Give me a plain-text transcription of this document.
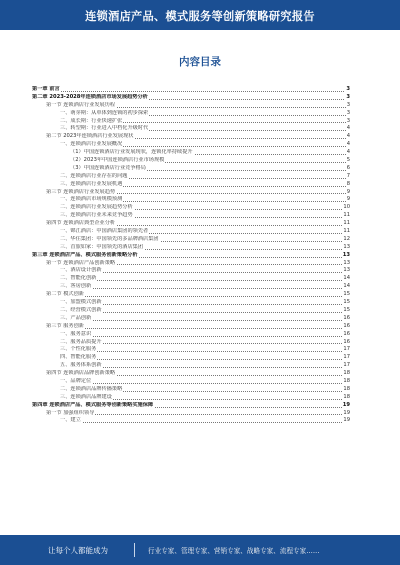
连锁酒店产品、模式服务等创新策略研究报告
内容目录
第一章 前言	3
第二章 2023-2028年连锁酒店市场发展趋势分析	3
第一节 连锁酒店行业发展历程	3
一、萌芽期：从单体到连锁的初步探索	3
二、成长期：行业快速扩张	3
三、转型期：行业进入中档化升级时代	4
第二节 2023年连锁酒店行业发展现状	4
一、连锁酒店行业发展概况	4
（1）中国连锁酒店行业发展现状，连锁化率持续提升	4
（2）2023年中国连锁酒店行业市场规模	5
（3）中国连锁酒店行业竞争格局	6
二、连锁酒店行业存在的问题	7
三、连锁酒店行业发展机遇	8
第三节 连锁酒店行业发展趋势	9
一、连锁酒店市场规模预测	9
二、连锁酒店行业发展趋势分析	10
三、连锁酒店行业未来竞争趋势	11
第四节 连锁酒店典型企业分析	11
一、锦江酒店：中国酒店集团的领先者	11
二、华住集团：中国领先的多品牌酒店集团	12
三、首旅如家：中国领先的酒店集团	13
第三章 连锁酒店产品、模式服务创新策略分析	13
第一节 连锁酒店产品创新策略	13
一、酒店设计创新	13
二、智能化创新	14
三、客房创新	14
第二节 模式创新	15
一、加盟模式创新	15
二、经营模式创新	15
三、产品创新	16
第三节 服务创新	16
一、服务意识	16
二、服务品质提升	16
三、个性化服务	17
四、智能化服务	17
五、服务体系创新	17
第四节 连锁酒店品牌创新策略	18
一、品牌定位	18
二、连锁酒店品牌传播策略	18
三、连锁酒店品牌建设	18
第四章 连锁酒店产品、模式服务等创新策略实施保障	19
第一节 加强组织领导	19
一、建立	19
让每个人都能成为	行业专家、管理专家、营销专家、战略专家、流程专家……
